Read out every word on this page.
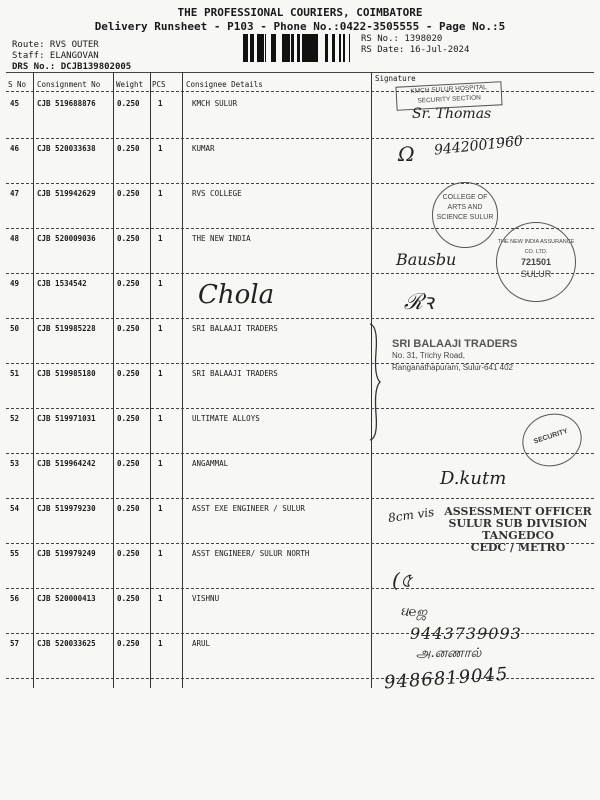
THE PROFESSIONAL COURIERS, COIMBATORE
Delivery Runsheet - P103 - Phone No.:0422-3505555 - Page No.:5
Route: RVS OUTER
Staff: ELANGOVAN
DRS No.: DCJB139802005
RS No.: 1398020
RS Date: 16-Jul-2024
S No Consignment No Weight PCS	Consignee Details
Signature
45 CJB 519688876	0.250 1	KMCH SULUR
46 CJB 520033638	0.250 1	KUMAR
47 CJB 519942629	0.250 1	RVS COLLEGE
48 CJB 520009036	0.250 1	THE NEW INDIA
49 CJB 1534542	0.250 1
50 CJB 519985228	0.250 1	SRI BALAAJI TRADERS
51 CJB 519985180	0.250 1	SRI BALAAJI TRADERS
52 CJB 519971031	0.250 1	ULTIMATE ALLOYS
53 CJB 519964242	0.250 1	ANGAMMAL
54 CJB 519979230	0.250 1	ASST EXE ENGINEER / SULUR
55 CJB 519979249	0.250 1	ASST ENGINEER/ SULUR NORTH
56 CJB 520000413	0.250 1	VISHNU
57 CJB 520033625	0.250 1	ARUL
Chola
KMCH SULUR HOSPITAL SECURITY SECTION
Sr. Thomas
Ω 9442001960
COLLEGE OF ARTS AND SCIENCE SULUR
THE NEW INDIA ASSURANCE CO. LTD.
721501
SULUR
Bausbu
ℛꝛ
SRI BALAAJI TRADERS
No. 31, Trichy Road,
Ranganathapuram, Sulur-641 402
SECURITY
D.kutm
8cm vis ASSESSMENT OFFICER
SULUR SUB DIVISION
TANGEDCO
CEDC / METRO
(৫
ઘ℮ஜ
9443739093
அ.னணால்
9486819045
